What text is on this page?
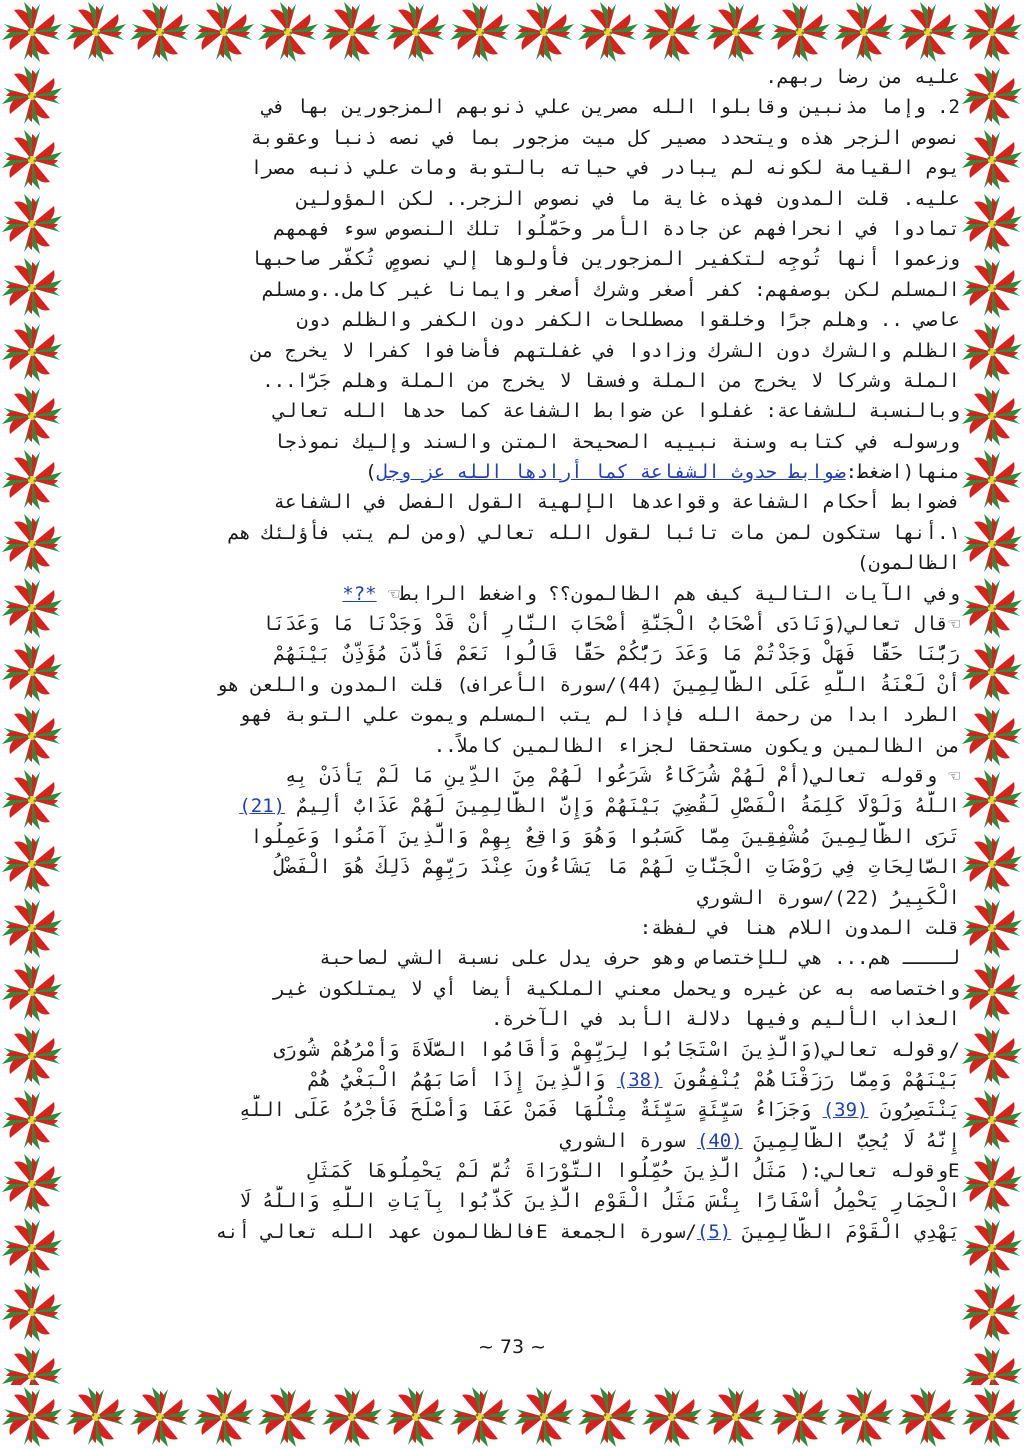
عليه من رضا ربهم.
2. وإما مذنبين وقابلوا الله مصرين علي ذنوبهم المزجورين بها في
نصوص الزجر هذه ويتحدد مصير كل ميت مزجور بما في نصه ذنبا وعقوبة
يوم القيامة لكونه لم يبادر في حياته بالتوبة ومات علي ذنبه مصرا
عليه. قلت المدون فهذه غاية ما في نصوص الزجر.. لكن المؤولين
تمادوا في انحرافهم عن جادة الأمر وحَمَّلُوا تلك النصوص سوء فهمهم
وزعموا أنها تُوجِه لتكفير المزجورين فأولوها إلي نصوصٍ تُكفّر صاحبها
المسلم لكن بوصفهم: كفر أصغر وشرك أصغر وايمانا غير كامل..ومسلم
عاصي .. وهلم جرًا وخلقوا مصطلحات الكفر دون الكفر والظلم دون
الظلم والشرك دون الشرك وزادوا في غفلتهم فأضافوا كفرا لا يخرج من
الملة وشركا لا يخرج من الملة وفسقا لا يخرج من الملة وهلم جَرَّا...
وبالنسبة للشفاعة: غفلوا عن ضوابط الشفاعة كما حدها الله تعالي
ورسوله في كتابه وسنة نبييه الصحيحة المتن والسند وإليك نموذجا
منها(اضغط:ضوابط حدوث الشفاعة كما أرادها الله عز وجل)
فضوابط أحكام الشفاعة وقواعدها الإلهية القول الفصل في الشفاعة
١.أنها ستكون لمن مات تائبا لقول الله تعالي (ومن لم يتب فأؤلئك هم
الظالمون)
وفي الآيات التالية كيف هم الظالمون؟؟ واضغط الرابط☜ *?*
☜قال تعالي(وَنَادَى أَصْحَابُ الْجَنَّةِ أَصْحَابَ النَّارِ أَنْ قَدْ وَجَدْنَا مَا وَعَدَنَا
رَبُّنَا حَقًّا فَهَلْ وَجَدْتُمْ مَا وَعَدَ رَبُّكُمْ حَقًّا قَالُوا نَعَمْ فَأَذَّنَ مُؤَذِّنٌ بَيْنَهُمْ
أَنْ لَعْنَةُ اللَّهِ عَلَى الظَّالِمِينَ (44)/سورة الأعراف) قلت المدون واللعن هو
الطرد ابدا من رحمة الله فإذا لم يتب المسلم ويموت علي التوبة فهو
من الظالمين ويكون مستحقا لجزاء الظالمين كاملاً..
☜ وقوله تعالي(أَمْ لَهُمْ شُرَكَاءُ شَرَعُوا لَهُمْ مِنَ الدِّينِ مَا لَمْ يَأْذَنْ بِهِ
اللَّهُ وَلَوْلَا كَلِمَةُ الْفَصْلِ لَقُضِيَ بَيْنَهُمْ وَإِنَّ الظَّالِمِينَ لَهُمْ عَذَابٌ أَلِيمٌ (21)
تَرَى الظَّالِمِينَ مُشْفِقِينَ مِمَّا كَسَبُوا وَهُوَ وَاقِعٌ بِهِمْ وَالَّذِينَ آمَنُوا وَعَمِلُوا
الصَّالِحَاتِ فِي رَوْضَاتِ الْجَنَّاتِ لَهُمْ مَا يَشَاءُونَ عِنْدَ رَبِّهِمْ ذَلِكَ هُوَ الْفَضْلُ
الْكَبِيرُ (22)/سورة الشوري
قلت المدون اللام هنا في لفظة:
لــــ هم... هي للإختصاص وهو حرف يدل على نسبة الشي لصاحبة
واختصاصه به عن غيره ويحمل معني الملكية أيضا أي لا يمتلكون غير
العذاب الأليم وفيها دلالة الأبد في الآخرة.
/وقوله تعالي(وَالَّذِينَ اسْتَجَابُوا لِرَبِّهِمْ وَأَقَامُوا الصَّلَاةَ وَأَمْرُهُمْ شُورَى
بَيْنَهُمْ وَمِمَّا رَزَقْنَاهُمْ يُنْفِقُونَ (38) وَالَّذِينَ إِذَا أَصَابَهُمُ الْبَغْيُ هُمْ
يَنْتَصِرُونَ (39) وَجَزَاءُ سَيِّئَةٍ سَيِّئَةٌ مِثْلُهَا فَمَنْ عَفَا وَأَصْلَحَ فَأَجْرُهُ عَلَى اللَّهِ
إِنَّهُ لَا يُحِبُّ الظَّالِمِينَ (40) سورة الشوري
Eوقوله تعالي:( مَثَلُ الَّذِينَ حُمِّلُوا التَّوْرَاةَ ثُمَّ لَمْ يَحْمِلُوهَا كَمَثَلِ
الْحِمَارِ يَحْمِلُ أَسْفَارًا بِئْسَ مَثَلُ الْقَوْمِ الَّذِينَ كَذَّبُوا بِآيَاتِ اللَّهِ وَاللَّهُ لَا
يَهْدِي الْقَوْمَ الظَّالِمِينَ (5)/سورة الجمعة Eفالظالمون عهد الله تعالي أنه
~ 73 ~
